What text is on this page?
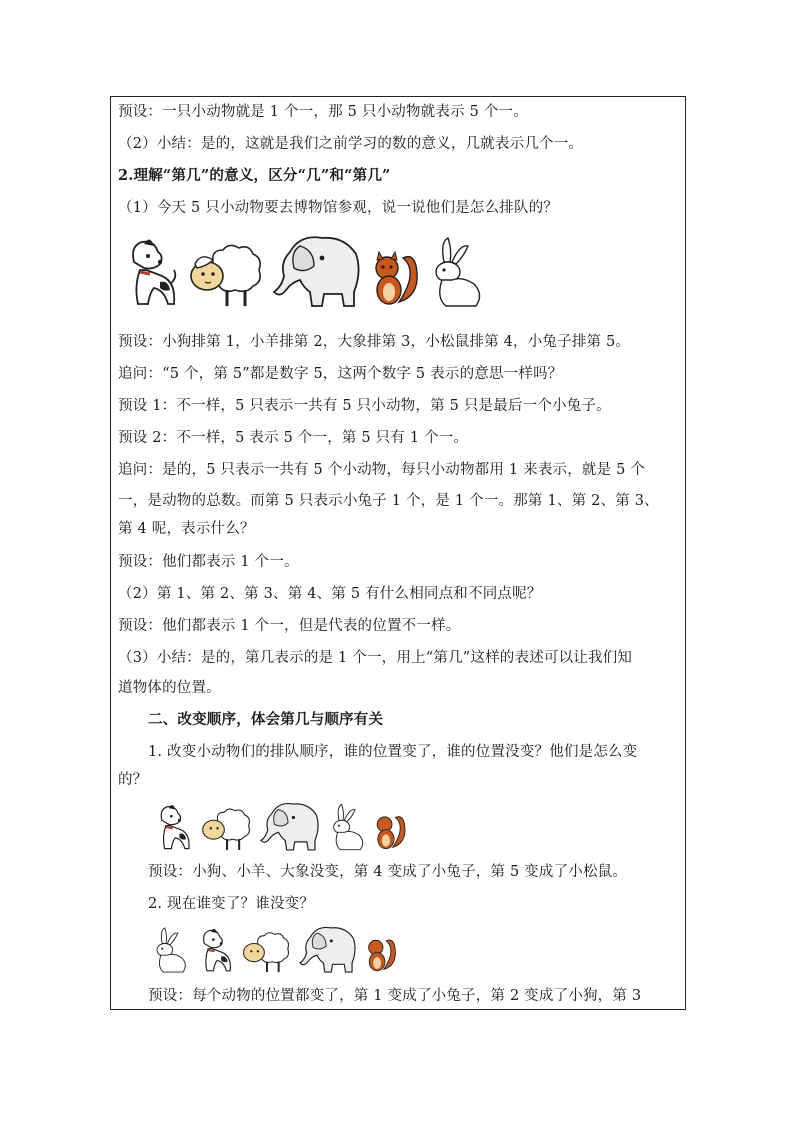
预设：一只小动物就是 1 个一，那 5 只小动物就表示 5 个一。
（2）小结：是的，这就是我们之前学习的数的意义，几就表示几个一。
2.理解“第几”的意义，区分“几”和“第几”
（1）今天 5 只小动物要去博物馆参观，说一说他们是怎么排队的？

预设：小狗排第 1，小羊排第 2，大象排第 3，小松鼠排第 4，小兔子排第 5。
追问：“5 个，第 5”都是数字 5，这两个数字 5 表示的意思一样吗？
预设 1：不一样，5 只表示一共有 5 只小动物，第 5 只是最后一个小兔子。
预设 2：不一样，5 表示 5 个一，第 5 只有 1 个一。
追问：是的，5 只表示一共有 5 个小动物，每只小动物都用 1 来表示，就是 5 个
一，是动物的总数。而第 5 只表示小兔子 1 个，是 1 个一。那第 1、第 2、第 3、
第 4 呢，表示什么？
预设：他们都表示 1 个一。
（2）第 1、第 2、第 3、第 4、第 5 有什么相同点和不同点呢？
预设：他们都表示 1 个一，但是代表的位置不一样。
（3）小结：是的，第几表示的是 1 个一，用上“第几”这样的表述可以让我们知
道物体的位置。
二、改变顺序，体会第几与顺序有关
1. 改变小动物们的排队顺序，谁的位置变了，谁的位置没变？他们是怎么变
的？

预设：小狗、小羊、大象没变，第 4 变成了小兔子，第 5 变成了小松鼠。
2. 现在谁变了？谁没变？

预设：每个动物的位置都变了，第 1 变成了小兔子，第 2 变成了小狗，第 3
